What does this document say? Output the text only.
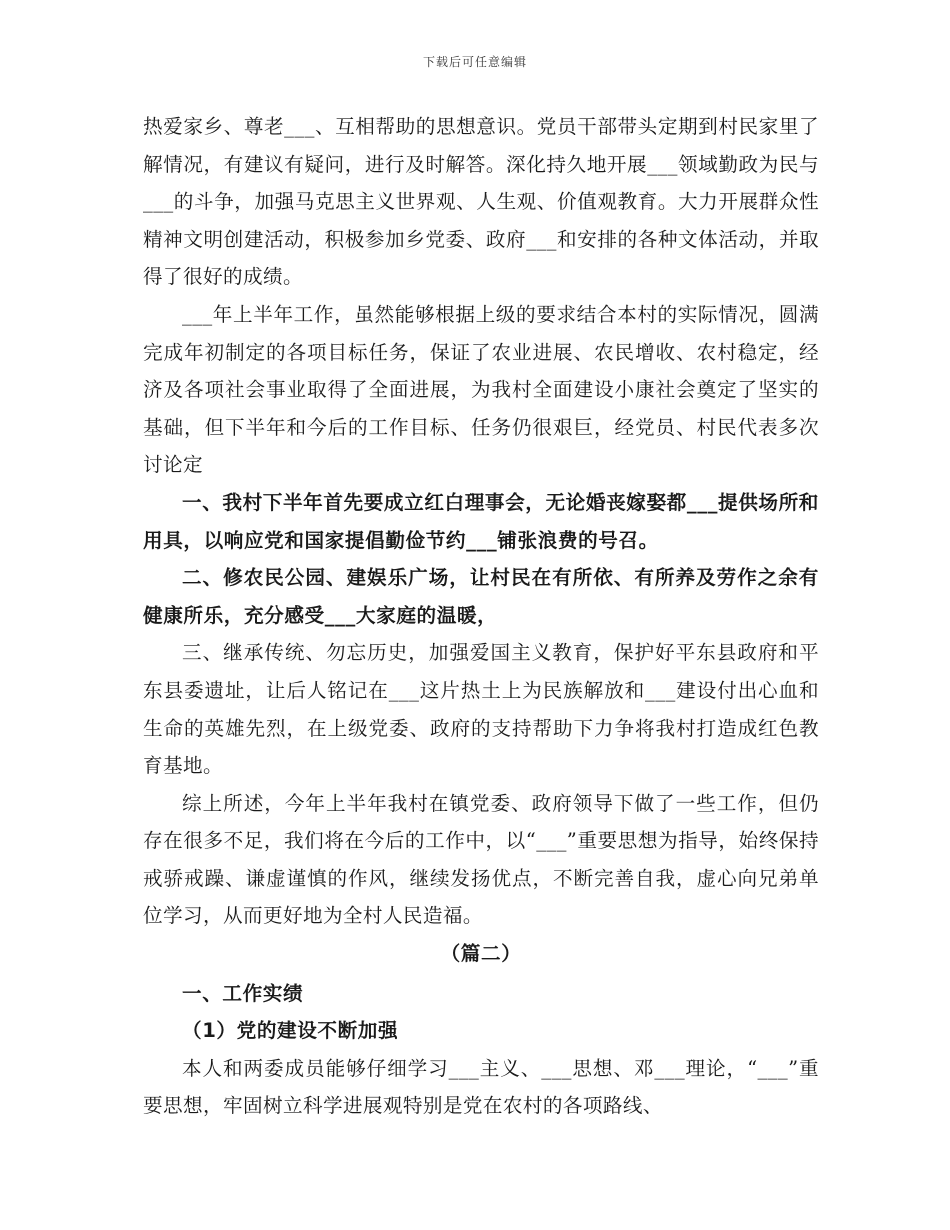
下载后可任意编辑

热爱家乡、尊老___、互相帮助的思想意识。党员干部带头定期到村民家里了解情况，有建议有疑问，进行及时解答。深化持久地开展___领域勤政为民与___的斗争，加强马克思主义世界观、人生观、价值观教育。大力开展群众性精神文明创建活动，积极参加乡党委、政府___和安排的各种文体活动，并取得了很好的成绩。

___年上半年工作，虽然能够根据上级的要求结合本村的实际情况，圆满完成年初制定的各项目标任务，保证了农业进展、农民增收、农村稳定，经济及各项社会事业取得了全面进展，为我村全面建设小康社会奠定了坚实的基础，但下半年和今后的工作目标、任务仍很艰巨，经党员、村民代表多次讨论定

一、我村下半年首先要成立红白理事会，无论婚丧嫁娶都___提供场所和用具，以响应党和国家提倡勤俭节约___铺张浪费的号召。

二、修农民公园、建娱乐广场，让村民在有所依、有所养及劳作之余有健康所乐，充分感受___大家庭的温暖，

三、继承传统、勿忘历史，加强爱国主义教育，保护好平东县政府和平东县委遗址，让后人铭记在___这片热土上为民族解放和___建设付出心血和生命的英雄先烈，在上级党委、政府的支持帮助下力争将我村打造成红色教育基地。

综上所述，今年上半年我村在镇党委、政府领导下做了一些工作，但仍存在很多不足，我们将在今后的工作中，以“___”重要思想为指导，始终保持戒骄戒躁、谦虚谨慎的作风，继续发扬优点，不断完善自我，虚心向兄弟单位学习，从而更好地为全村人民造福。

（篇二）

一、工作实绩

（1）党的建设不断加强

本人和两委成员能够仔细学习___主义、___思想、邓___理论，“___”重要思想，牢固树立科学进展观特别是党在农村的各项路线、
